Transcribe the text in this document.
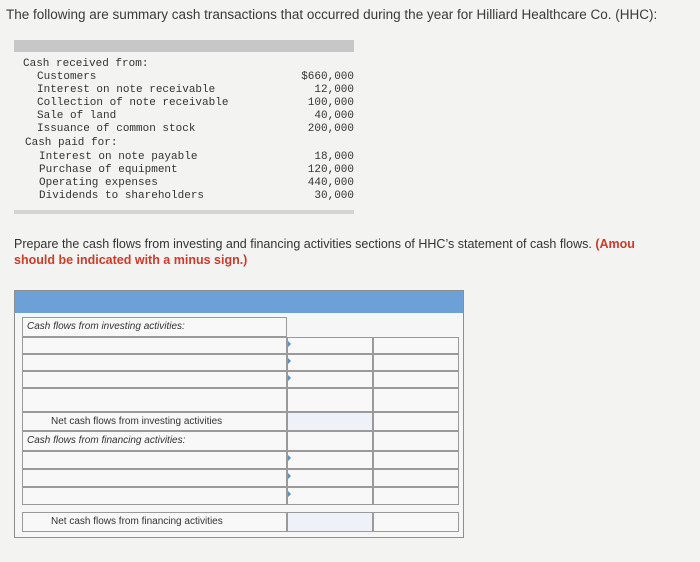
The following are summary cash transactions that occurred during the year for Hilliard Healthcare Co. (HHC):
Cash received from:
Customers	$660,000
Interest on note receivable	12,000
Collection of note receivable	100,000
Sale of land	40,000
Issuance of common stock	200,000
Cash paid for:
Interest on note payable	18,000
Purchase of equipment	120,000
Operating expenses	440,000
Dividends to shareholders	30,000
Prepare the cash flows from investing and financing activities sections of HHC’s statement of cash flows. (Amou
should be indicated with a minus sign.)
Cash flows from investing activities:
Net cash flows from investing activities
Cash flows from financing activities:
Net cash flows from financing activities
